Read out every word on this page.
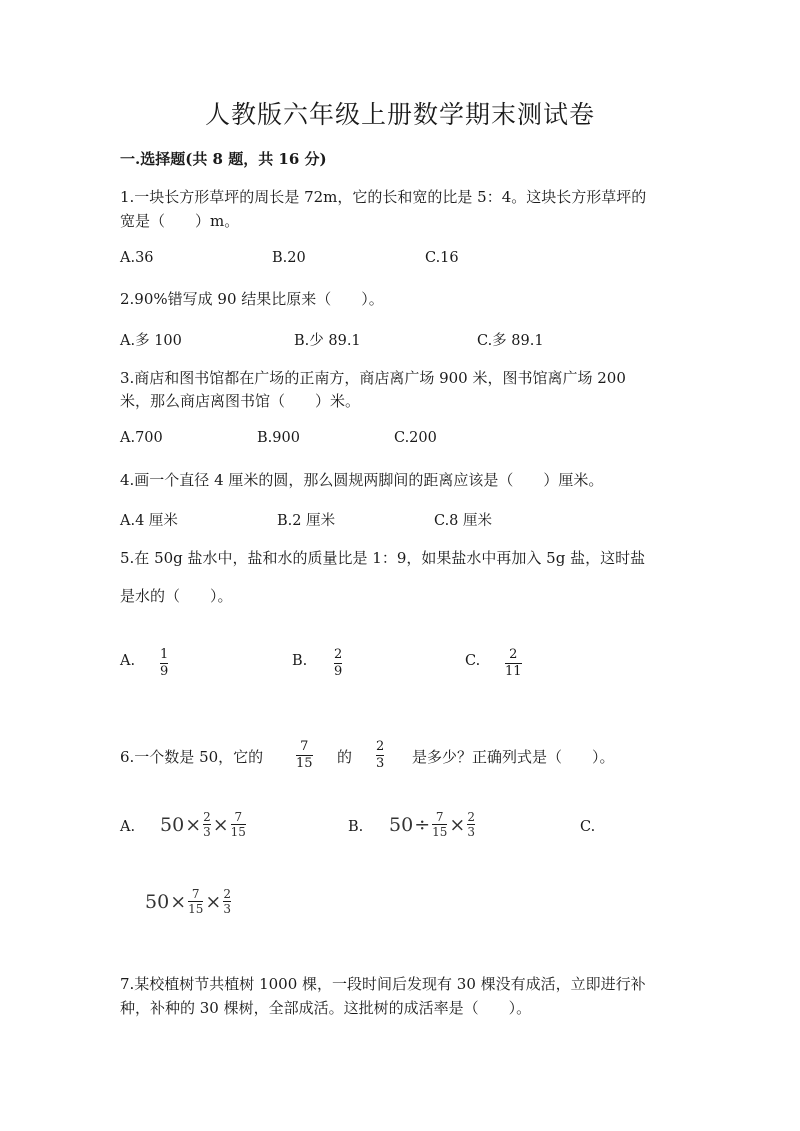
人教版六年级上册数学期末测试卷
一.选择题(共 8 题，共 16 分)
1.一块长方形草坪的周长是 72m，它的长和宽的比是 5：4。这块长方形草坪的
宽是（　　）m。
A.36	B.20	C.16
2.90%错写成 90 结果比原来（　　）。
A.多 100	B.少 89.1	C.多 89.1
3.商店和图书馆都在广场的正南方，商店离广场 900 米，图书馆离广场 200
米，那么商店离图书馆（　　）米。
A.700	B.900	C.200
4.画一个直径 4 厘米的圆，那么圆规两脚间的距离应该是（　　）厘米。
A.4 厘米	B.2 厘米	C.8 厘米
5.在 50g 盐水中，盐和水的质量比是 1：9，如果盐水中再加入 5g 盐，这时盐
是水的（　　）。
A. 1
9
B. 2
9
C. 2
11
6.一个数是 50，它的
7
15 的
2
3 是多少？正确列式是（　　）。
A. $50 \times \frac{2}{3} \times \frac{7}{15}$	B. $50 \div \frac{7}{15} \times \frac{2}{3}$	C.
$50 \times \frac{7}{15} \times \frac{2}{3}$
7.某校植树节共植树 1000 棵，一段时间后发现有 30 棵没有成活，立即进行补
种，补种的 30 棵树，全部成活。这批树的成活率是（　　）。
